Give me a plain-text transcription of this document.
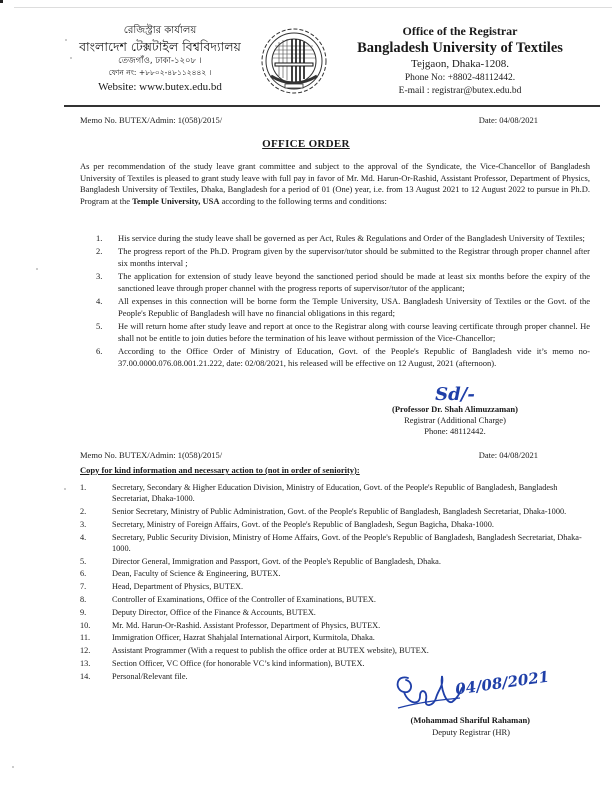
রেজিস্ট্রার কার্যালয়
বাংলাদেশ টেক্সটাইল বিশ্ববিদ্যালয়
তেজগাঁও, ঢাকা-১২০৮ ।
ফোন নং: +৮৮০২-৪৮১১২৪৪২ ।
Website: www.butex.edu.bd
Office of the Registrar
Bangladesh University of Textiles
Tejgaon, Dhaka-1208.
Phone No: +8802-48112442.
E-mail : registrar@butex.edu.bd
Memo No. BUTEX/Admin: 1(058)/2015/	Date: 04/08/2021
OFFICE ORDER
As per recommendation of the study leave grant committee and subject to the approval of the Syndicate, the Vice-Chancellor of Bangladesh University of Textiles is pleased to grant study leave with full pay in favor of Mr. Md. Harun-Or-Rashid, Assistant Professor, Department of Physics, Bangladesh University of Textiles, Dhaka, Bangladesh for a period of 01 (One) year, i.e. from 13 August 2021 to 12 August 2022 to pursue in Ph.D. Program at the Temple University, USA according to the following terms and conditions:
1. His service during the study leave shall be governed as per Act, Rules & Regulations and Order of the Bangladesh University of Textiles;
2. The progress report of the Ph.D. Program given by the supervisor/tutor should be submitted to the Registrar through proper channel after six months interval ;
3. The application for extension of study leave beyond the sanctioned period should be made at least six months before the expiry of the sanctioned leave through proper channel with the progress reports of supervisor/tutor of the applicant;
4. All expenses in this connection will be borne form the Temple University, USA. Bangladesh University of Textiles or the Govt. of the People's Republic of Bangladesh will have no financial obligations in this regard;
5. He will return home after study leave and report at once to the Registrar along with course leaving certificate through proper channel. He shall not be entitle to join duties before the termination of his leave without permission of the Vice-Chancellor;
6. According to the Office Order of Ministry of Education, Govt. of the People's Republic of Bangladesh vide it’s memo no-37.00.0000.076.08.001.21.222, date: 02/08/2021, his released will be effective on 12 August, 2021 (afternoon).
Sd/-
(Professor Dr. Shah Alimuzzaman)
Registrar (Additional Charge)
Phone: 48112442.
Memo No. BUTEX/Admin: 1(058)/2015/	Date: 04/08/2021
Copy for kind information and necessary action to (not in order of seniority):
1.	Secretary, Secondary & Higher Education Division, Ministry of Education, Govt. of the People's Republic of Bangladesh, Bangladesh Secretariat, Dhaka-1000.
2.	Senior Secretary, Ministry of Public Administration, Govt. of the People's Republic of Bangladesh, Bangladesh Secretariat, Dhaka-1000.
3.	Secretary, Ministry of Foreign Affairs, Govt. of the People's Republic of Bangladesh, Segun Bagicha, Dhaka-1000.
4.	Secretary, Public Security Division, Ministry of Home Affairs, Govt. of the People's Republic of Bangladesh, Bangladesh Secretariat, Dhaka-1000.
5.	Director General, Immigration and Passport, Govt. of the People's Republic of Bangladesh, Dhaka.
6.	Dean, Faculty of Science & Engineering, BUTEX.
7.	Head, Department of Physics, BUTEX.
8.	Controller of Examinations, Office of the Controller of Examinations, BUTEX.
9.	Deputy Director, Office of the Finance & Accounts, BUTEX.
10.	Mr. Md. Harun-Or-Rashid. Assistant Professor, Department of Physics, BUTEX.
11.	Immigration Officer, Hazrat Shahjalal International Airport, Kurmitola, Dhaka.
12.	Assistant Programmer (With a request to publish the office order at BUTEX website), BUTEX.
13.	Section Officer, VC Office (for honorable VC’s kind information), BUTEX.
14.	Personal/Relevant file.	04/08/2021
(Mohammad Shariful Rahaman)
Deputy Registrar (HR)
